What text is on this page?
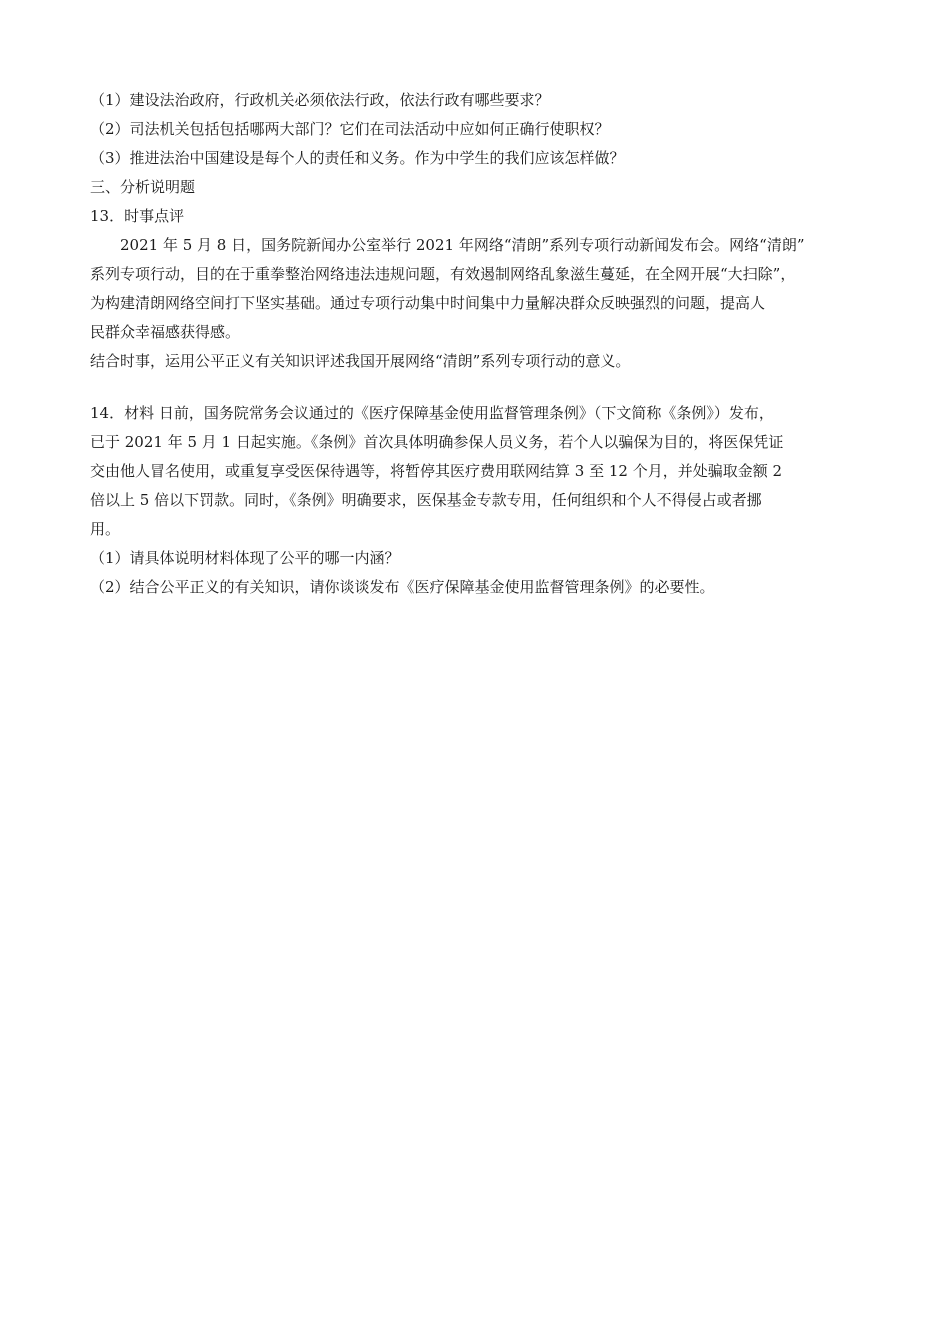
（1）建设法治政府，行政机关必须依法行政，依法行政有哪些要求？
（2）司法机关包括包括哪两大部门？它们在司法活动中应如何正确行使职权？
（3）推进法治中国建设是每个人的责任和义务。作为中学生的我们应该怎样做？
三、分析说明题
13．时事点评
2021 年 5 月 8 日，国务院新闻办公室举行 2021 年网络“清朗”系列专项行动新闻发布会。网络“清朗”
系列专项行动，目的在于重拳整治网络违法违规问题，有效遏制网络乱象滋生蔓延，在全网开展“大扫除”，
为构建清朗网络空间打下坚实基础。通过专项行动集中时间集中力量解决群众反映强烈的问题，提高人
民群众幸福感获得感。
结合时事，运用公平正义有关知识评述我国开展网络“清朗”系列专项行动的意义。
14．材料 日前，国务院常务会议通过的《医疗保障基金使用监督管理条例》（下文简称《条例》）发布，
已于 2021 年 5 月 1 日起实施。《条例》首次具体明确参保人员义务，若个人以骗保为目的，将医保凭证
交由他人冒名使用，或重复享受医保待遇等，将暂停其医疗费用联网结算 3 至 12 个月，并处骗取金额 2
倍以上 5 倍以下罚款。同时，《条例》明确要求，医保基金专款专用，任何组织和个人不得侵占或者挪
用。
（1）请具体说明材料体现了公平的哪一内涵？
（2）结合公平正义的有关知识，请你谈谈发布《医疗保障基金使用监督管理条例》的必要性。
